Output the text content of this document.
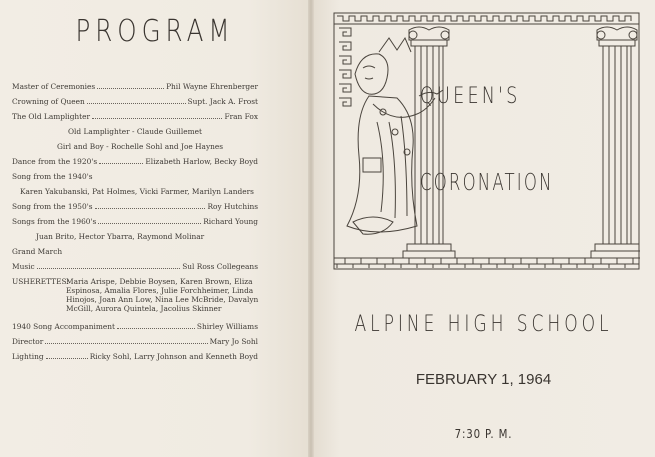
PROGRAM
Master of Ceremonies	Phil Wayne Ehrenberger
Crowning of Queen	Supt. Jack A. Frost
The Old Lamplighter	Fran Fox
Old Lamplighter - Claude Guillemet
Girl and Boy - Rochelle Sohl and Joe Haynes
Dance from the 1920's	Elizabeth Harlow, Becky Boyd
Song from the 1940's
Karen Yakubanski, Pat Holmes, Vicki Farmer, Marilyn Landers
Song from the 1950's	Roy Hutchins
Songs from the 1960's	Richard Young
Juan Brito, Hector Ybarra, Raymond Molinar
Grand March
Music	Sul Ross Collegeans
USHERETTES:
Maria Arispe, Debbie Boysen, Karen Brown, Eliza
Espinosa, Amalia Flores, Julie Forchheimer, Linda
Hinojos, Joan Ann Low, Nina Lee McBride, Davalyn
McGill, Aurora Quintela, Jacolius Skinner
1940 Song Accompaniment	Shirley Williams
Director	Mary Jo Sohl
Lighting	Ricky Sohl, Larry Johnson and Kenneth Boyd
QUEEN'S
CORONATION
ALPINE HIGH SCHOOL
FEBRUARY 1, 1964
7:30 P. M.
